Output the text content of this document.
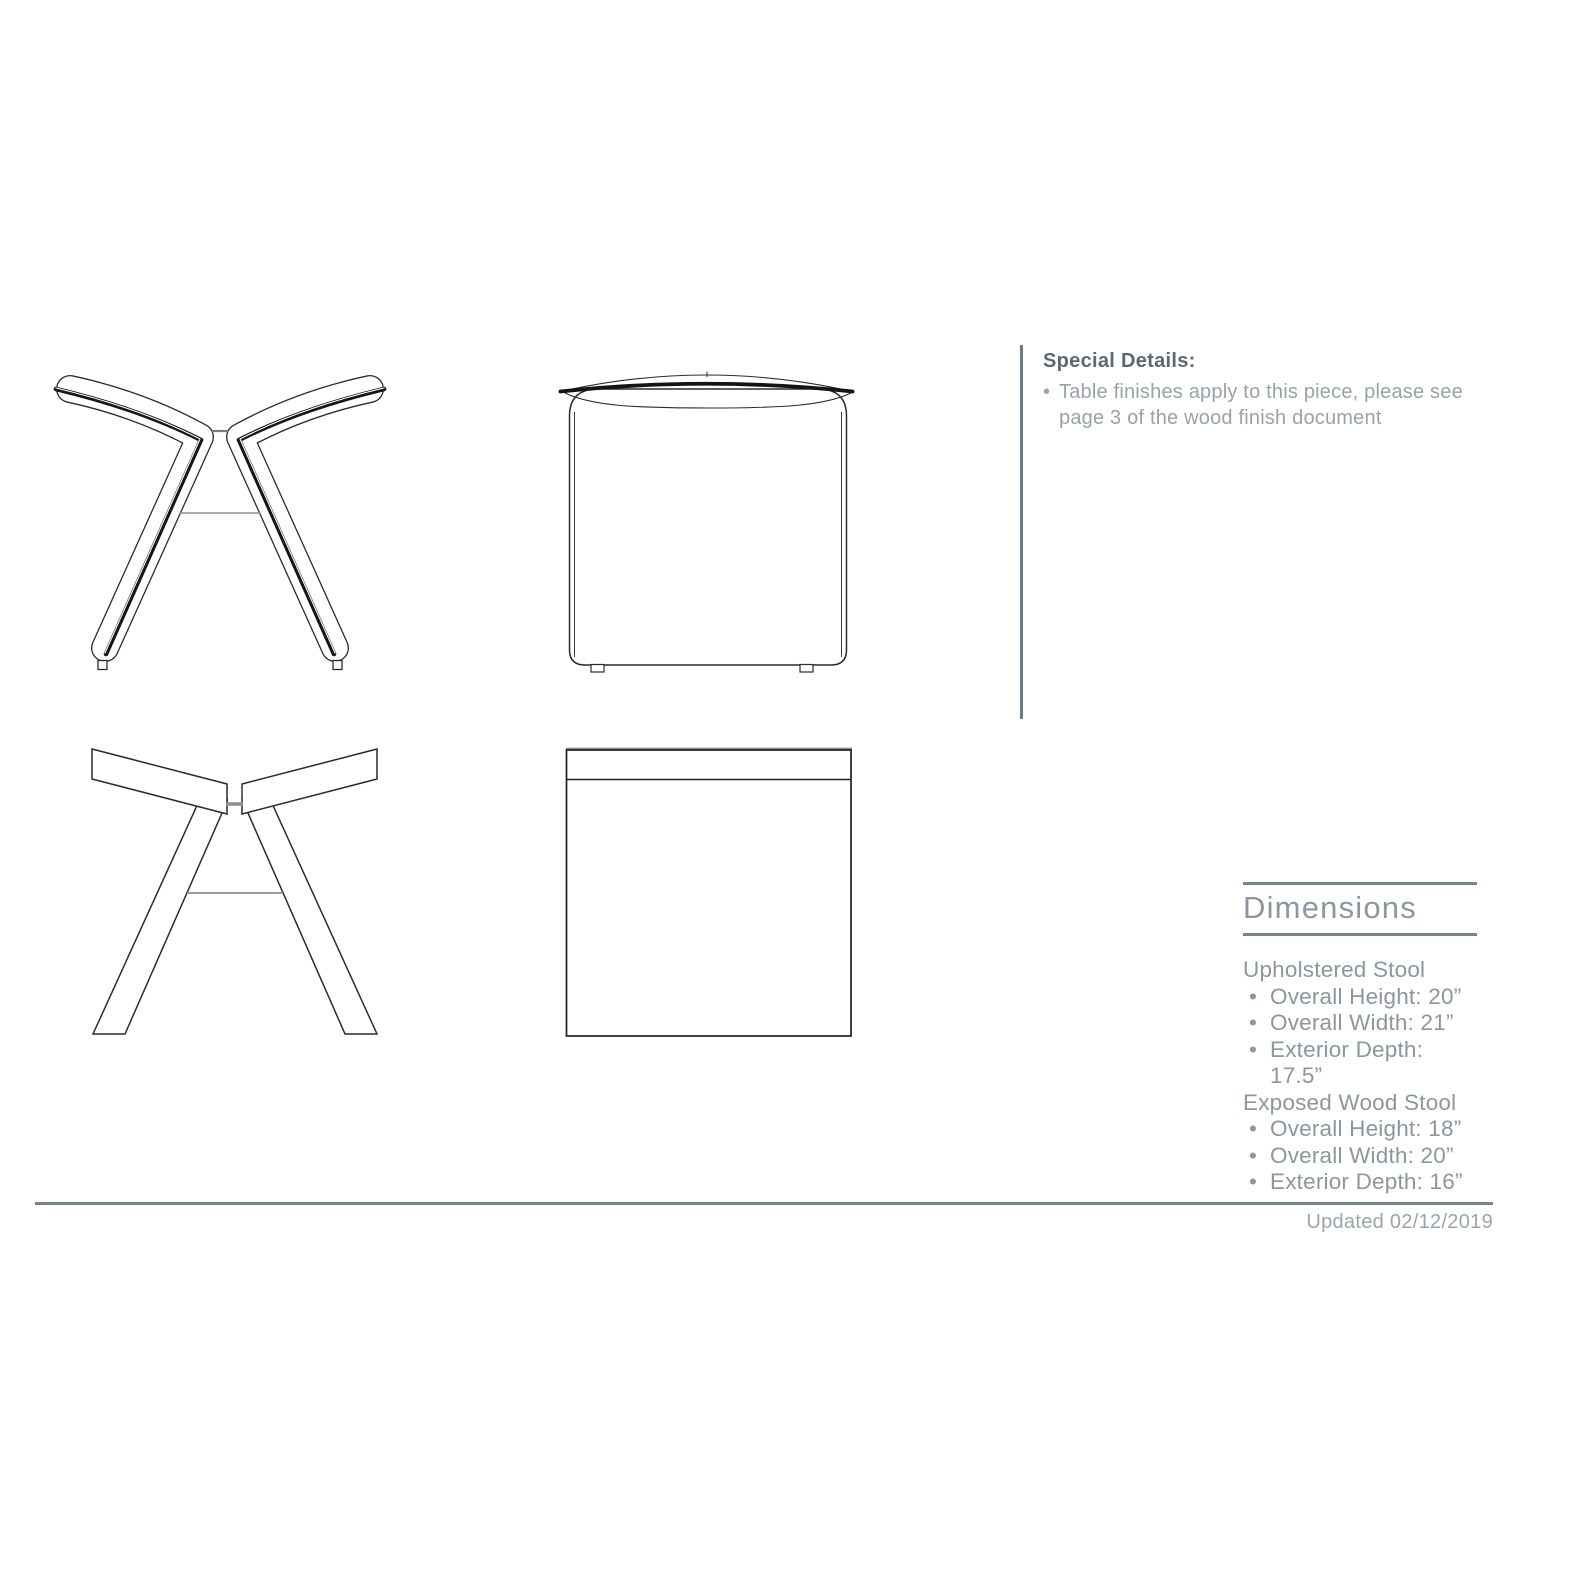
Special Details:
• Table finishes apply to this piece, please see page 3 of the wood finish document
Dimensions
Upholstered Stool
• Overall Height: 20”
• Overall Width: 21”
• Exterior Depth: 17.5”
Exposed Wood Stool
• Overall Height: 18”
• Overall Width: 20”
• Exterior Depth: 16”
Updated 02/12/2019
